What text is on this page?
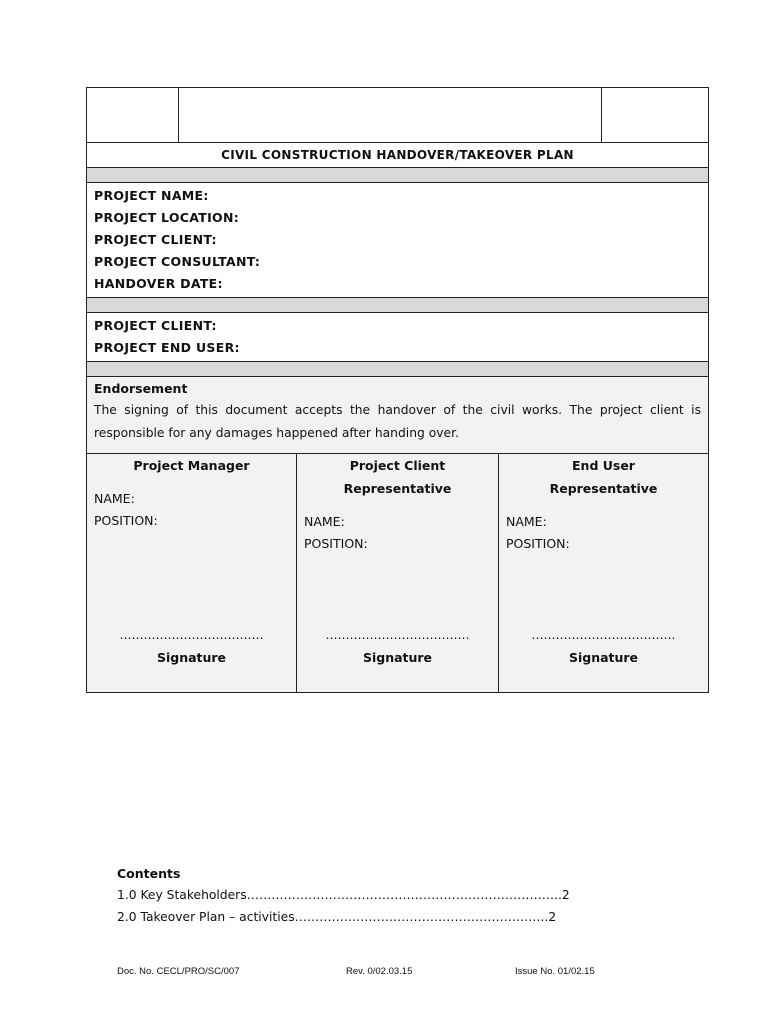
CIVIL CONSTRUCTION HANDOVER/TAKEOVER PLAN
PROJECT NAME:
PROJECT LOCATION:
PROJECT CLIENT:
PROJECT CONSULTANT:
HANDOVER DATE:
PROJECT CLIENT:
PROJECT END USER:
Endorsement
The signing of this document accepts the handover of the civil works. The project client is responsible for any damages happened after handing over.
Project Manager
NAME:
POSITION:
………………………………
Signature
Project Client
Representative
NAME:
POSITION:
………………………………
Signature
End User
Representative
NAME:
POSITION:
………………………………
Signature
Contents
1.0 Key Stakeholders…………………………………………………………………..2
2.0 Takeover Plan – activities……………………………………………………..2
Doc. No. CECL/PRO/SC/007	Rev. 0/02.03.15	Issue No. 01/02.15
